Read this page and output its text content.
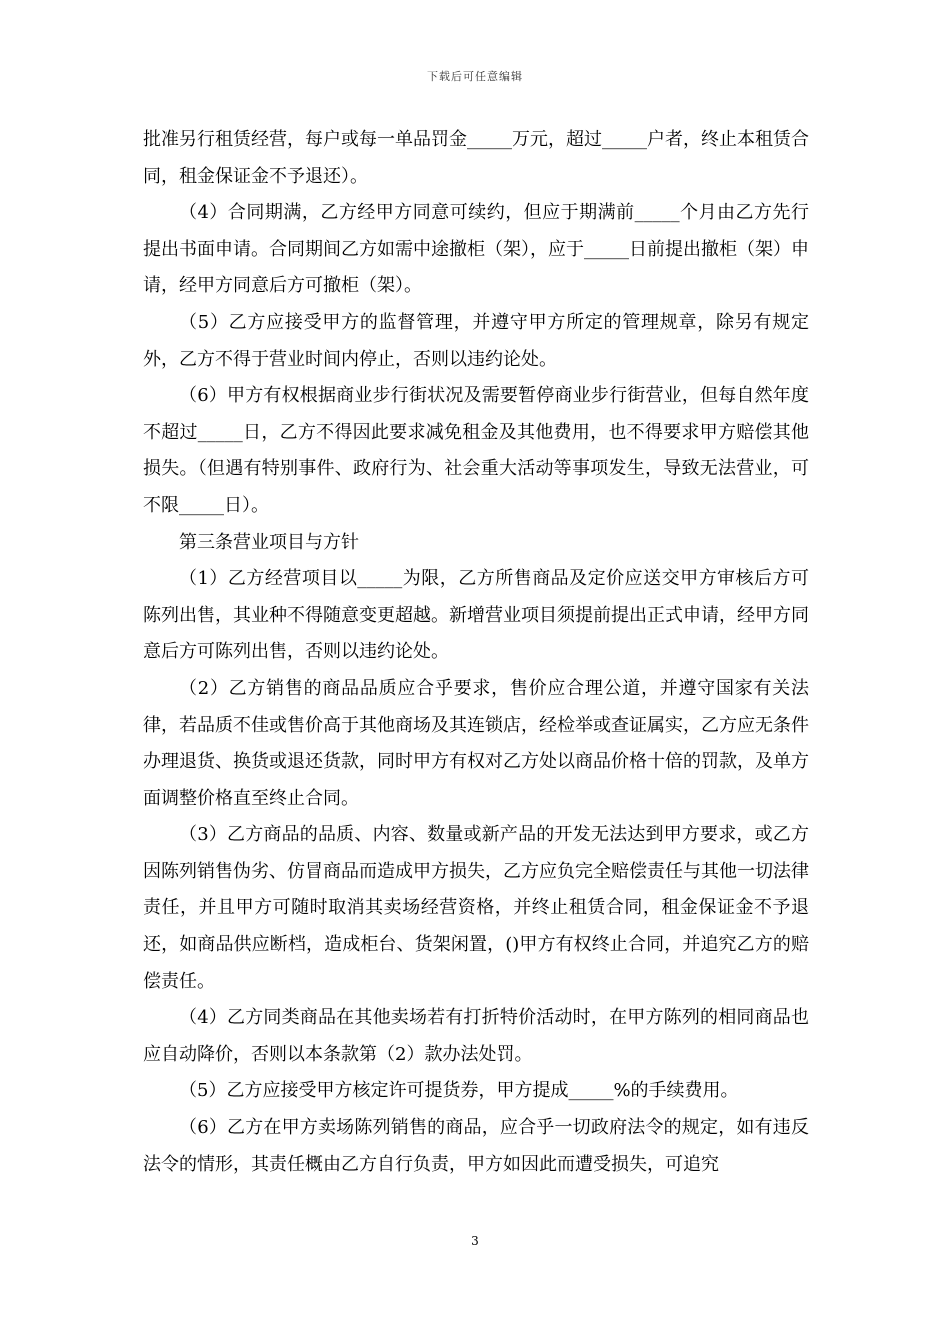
下载后可任意编辑

批准另行租赁经营，每户或每一单品罚金_____万元，超过_____户者，终止本租赁合同，租金保证金不予退还）。

（4）合同期满，乙方经甲方同意可续约，但应于期满前_____个月由乙方先行提出书面申请。合同期间乙方如需中途撤柜（架），应于_____日前提出撤柜（架）申请，经甲方同意后方可撤柜（架）。

（5）乙方应接受甲方的监督管理，并遵守甲方所定的管理规章，除另有规定外，乙方不得于营业时间内停止，否则以违约论处。

（6）甲方有权根据商业步行街状况及需要暂停商业步行街营业，但每自然年度不超过_____日，乙方不得因此要求减免租金及其他费用，也不得要求甲方赔偿其他损失。（但遇有特别事件、政府行为、社会重大活动等事项发生，导致无法营业，可不限_____日）。

第三条营业项目与方针

（1）乙方经营项目以_____为限，乙方所售商品及定价应送交甲方审核后方可陈列出售，其业种不得随意变更超越。新增营业项目须提前提出正式申请，经甲方同意后方可陈列出售，否则以违约论处。

（2）乙方销售的商品品质应合乎要求，售价应合理公道，并遵守国家有关法律，若品质不佳或售价高于其他商场及其连锁店，经检举或查证属实，乙方应无条件办理退货、换货或退还货款，同时甲方有权对乙方处以商品价格十倍的罚款，及单方面调整价格直至终止合同。

（3）乙方商品的品质、内容、数量或新产品的开发无法达到甲方要求，或乙方因陈列销售伪劣、仿冒商品而造成甲方损失，乙方应负完全赔偿责任与其他一切法律责任，并且甲方可随时取消其卖场经营资格，并终止租赁合同，租金保证金不予退还，如商品供应断档，造成柜台、货架闲置，()甲方有权终止合同，并追究乙方的赔偿责任。

（4）乙方同类商品在其他卖场若有打折特价活动时，在甲方陈列的相同商品也应自动降价，否则以本条款第（2）款办法处罚。

（5）乙方应接受甲方核定许可提货券，甲方提成_____%的手续费用。

（6）乙方在甲方卖场陈列销售的商品，应合乎一切政府法令的规定，如有违反法令的情形，其责任概由乙方自行负责，甲方如因此而遭受损失，可追究

3
